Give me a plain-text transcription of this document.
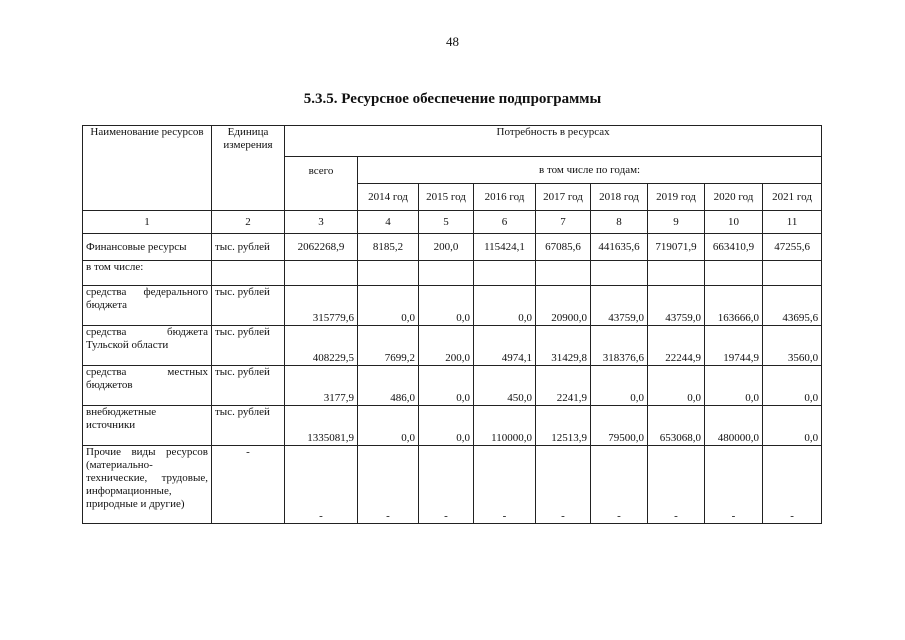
48
5.3.5. Ресурсное обеспечение подпрограммы
Наименование ресурсов	Единица измерения	Потребность в ресурсах								
		всего	в том числе по годам:							
			2014 год	2015 год	2016 год	2017 год	2018 год	2019 год	2020 год	2021 год
1	2	3	4	5	6	7	8	9	10	11
Финансовые ресурсы	тыс. рублей	2062268,9	8185,2	200,0	115424,1	67085,6	441635,6	719071,9	663410,9	47255,6
в том числе:										
средства федерального бюджета	тыс. рублей	315779,6	0,0	0,0	0,0	20900,0	43759,0	43759,0	163666,0	43695,6
средства бюджета Тульской области	тыс. рублей	408229,5	7699,2	200,0	4974,1	31429,8	318376,6	22244,9	19744,9	3560,0
средства местных бюджетов	тыс. рублей	3177,9	486,0	0,0	450,0	2241,9	0,0	0,0	0,0	0,0
внебюджетные источники	тыс. рублей	1335081,9	0,0	0,0	110000,0	12513,9	79500,0	653068,0	480000,0	0,0
Прочие виды ресурсов (материально-технические, трудовые, информационные, природные и другие)	-	-	-	-	-	-	-	-	-	-
